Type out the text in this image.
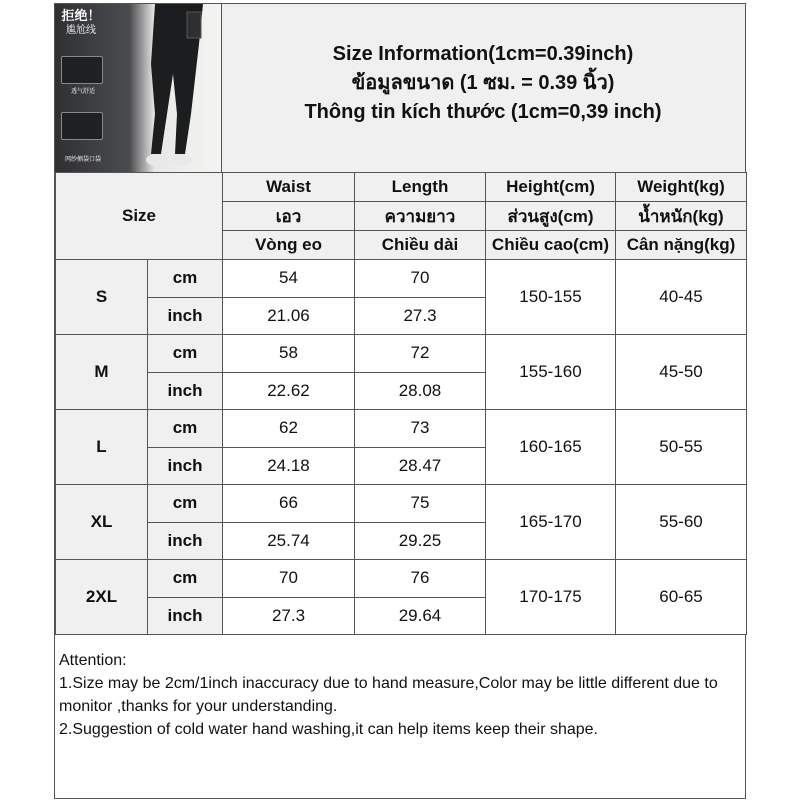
拒绝！
尴尬线
透气舒适
网纱侧袋口袋
Size Information(1cm=0.39inch)
ข้อมูลขนาด (1 ซม. = 0.39 นิ้ว)
Thông tin kích thước (1cm=0,39 inch)
Size		Waist	Length	Height(cm)	Weight(kg)
		เอว	ความยาว	ส่วนสูง(cm)	น้ำหนัก(kg)
		Vòng eo	Chiều dài	Chiều cao(cm)	Cân nặng(kg)
S	cm	54	70	150-155	40-45
	inch	21.06	27.3		
M	cm	58	72	155-160	45-50
	inch	22.62	28.08		
L	cm	62	73	160-165	50-55
	inch	24.18	28.47		
XL	cm	66	75	165-170	55-60
	inch	25.74	29.25		
2XL	cm	70	76	170-175	60-65
	inch	27.3	29.64		
Attention:
1.Size may be 2cm/1inch inaccuracy due to hand measure,Color may be little different due to monitor ,thanks for your understanding.
2.Suggestion of cold water hand washing,it can help items keep their shape.
